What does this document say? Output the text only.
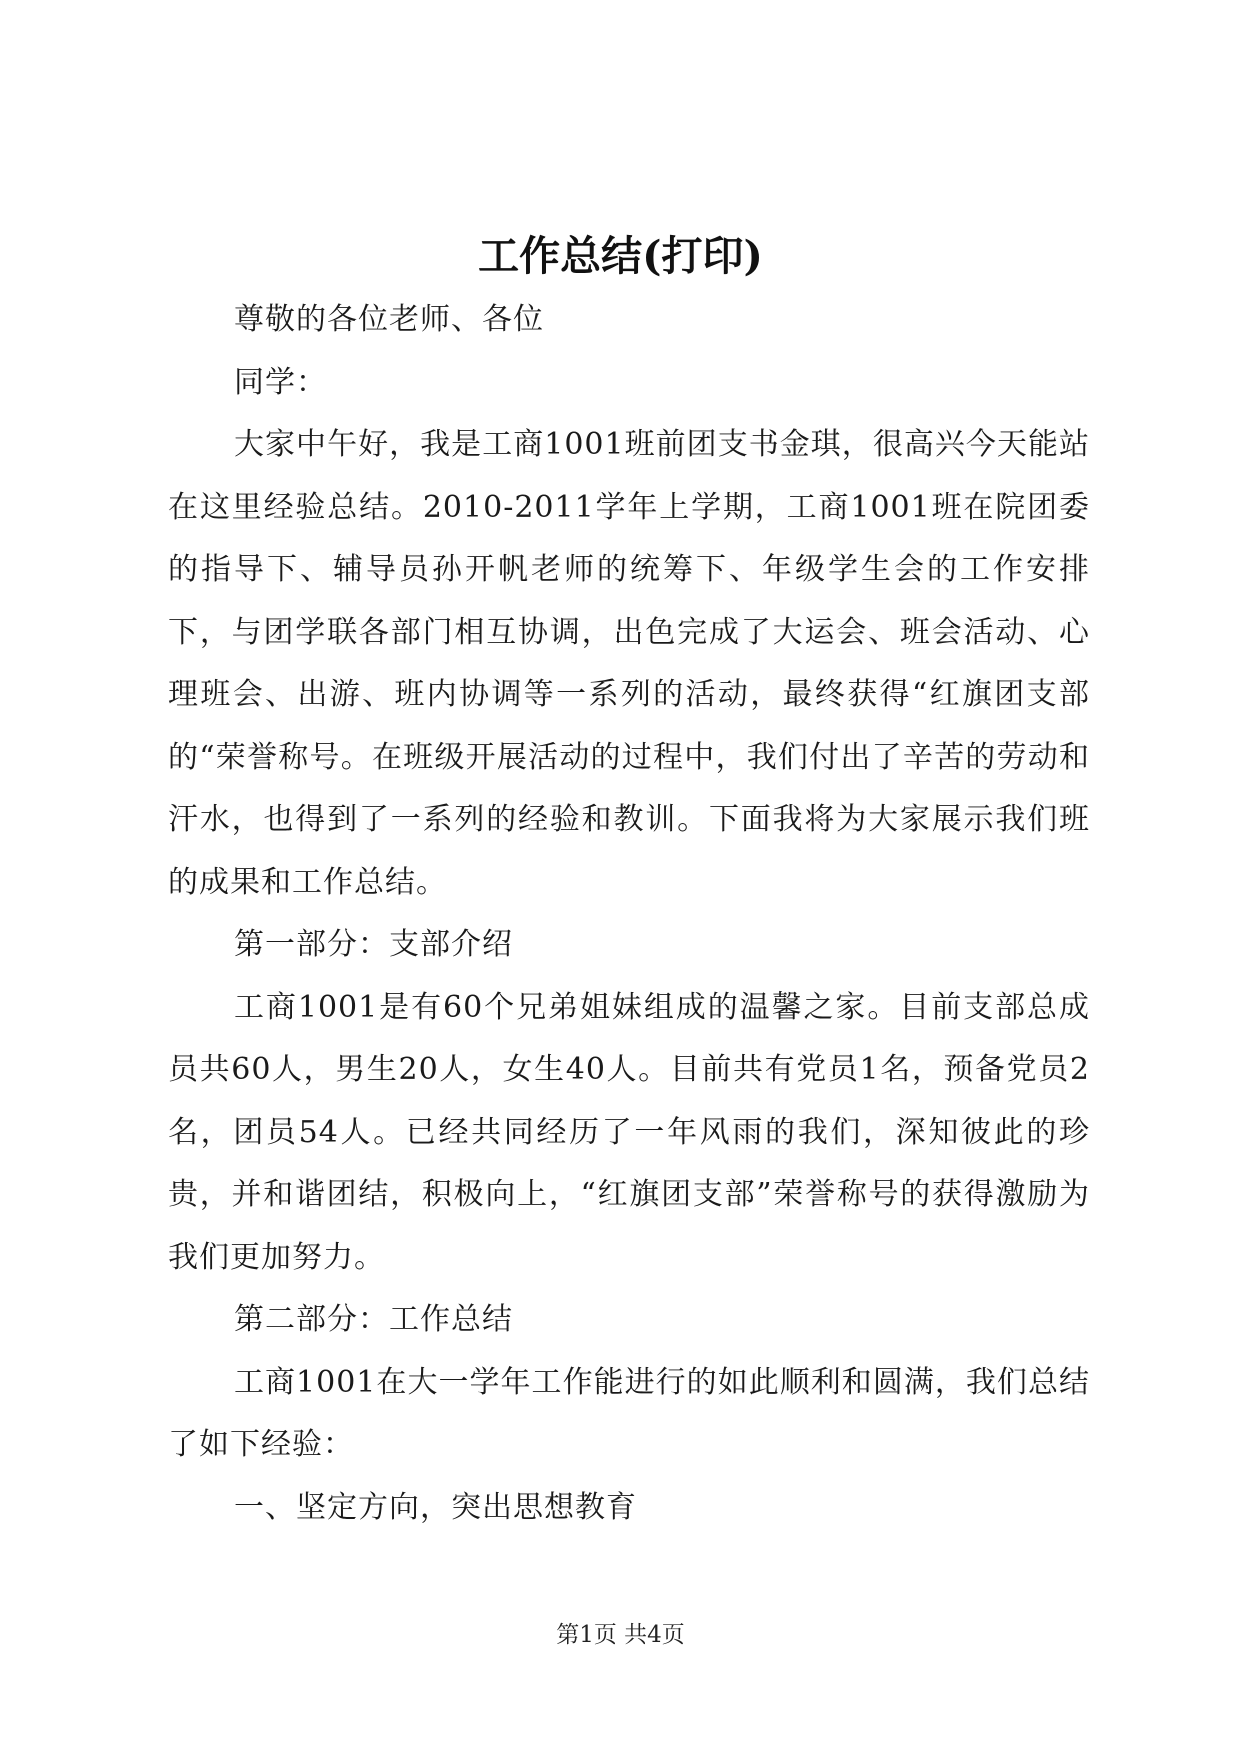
工作总结(打印)

尊敬的各位老师、各位

同学：

大家中午好，我是工商1001班前团支书金琪，很高兴今天能站在这里经验总结。2010-2011学年上学期，工商1001班在院团委的指导下、辅导员孙开帆老师的统筹下、年级学生会的工作安排下，与团学联各部门相互协调，出色完成了大运会、班会活动、心理班会、出游、班内协调等一系列的活动，最终获得“红旗团支部的“荣誉称号。在班级开展活动的过程中，我们付出了辛苦的劳动和汗水，也得到了一系列的经验和教训。下面我将为大家展示我们班的成果和工作总结。

第一部分：支部介绍

工商1001是有60个兄弟姐妹组成的温馨之家。目前支部总成员共60人，男生20人，女生40人。目前共有党员1名，预备党员2名，团员54人。已经共同经历了一年风雨的我们，深知彼此的珍贵，并和谐团结，积极向上，“红旗团支部”荣誉称号的获得激励为我们更加努力。

第二部分：工作总结

工商1001在大一学年工作能进行的如此顺利和圆满，我们总结了如下经验：

一、坚定方向，突出思想教育

第1页 共4页
